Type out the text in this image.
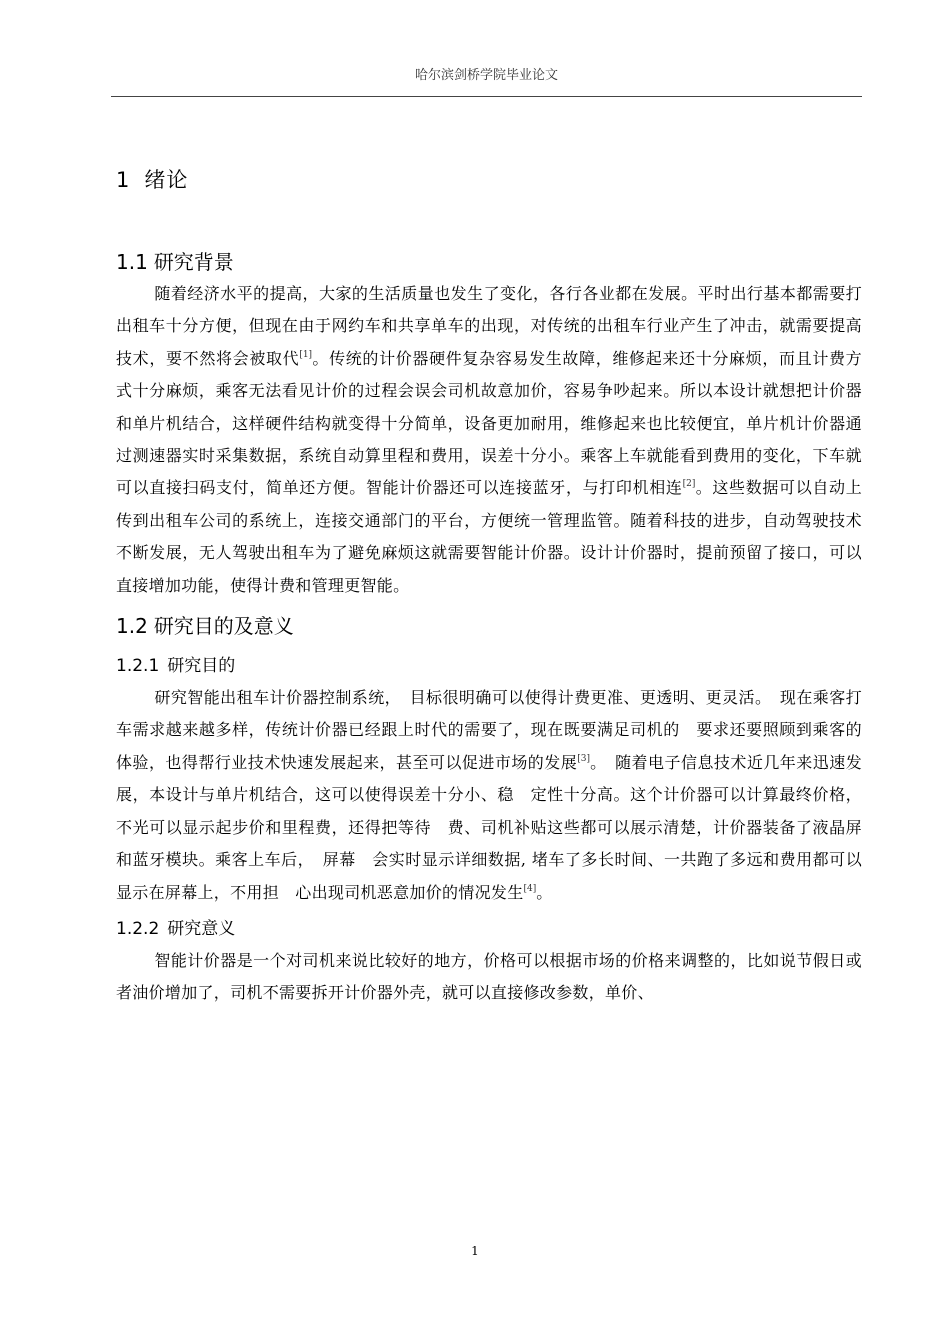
哈尔滨剑桥学院毕业论文
1 绪论
1.1 研究背景

随着经济水平的提高，大家的生活质量也发生了变化，各行各业都在发展。平时出行基本都需要打出租车十分方便，但现在由于网约车和共享单车的出现，对传统的出租车行业产生了冲击，就需要提高技术，要不然将会被取代[1]。传统的计价器硬件复杂容易发生故障，维修起来还十分麻烦，而且计费方式十分麻烦，乘客无法看见计价的过程会误会司机故意加价，容易争吵起来。所以本设计就想把计价器和单片机结合，这样硬件结构就变得十分简单，设备更加耐用，维修起来也比较便宜，单片机计价器通过测速器实时采集数据，系统自动算里程和费用，误差十分小。乘客上车就能看到费用的变化，下车就可以直接扫码支付，简单还方便。智能计价器还可以连接蓝牙，与打印机相连[2]。这些数据可以自动上传到出租车公司的系统上，连接交通部门的平台，方便统一管理监管。随着科技的进步，自动驾驶技术不断发展，无人驾驶出租车为了避免麻烦这就需要智能计价器。设计计价器时，提前预留了接口，可以直接增加功能，使得计费和管理更智能。

1.2 研究目的及意义
1.2.1 研究目的

研究智能出租车计价器控制系统，　目标很明确可以使得计费更准、更透明、更灵活。　现在乘客打车需求越来越多样，传统计价器已经跟上时代的需要了，现在既要满足司机的　要求还要照顾到乘客的体验，也得帮行业技术快速发展起来，甚至可以促进市场的发展[3]。　随着电子信息技术近几年来迅速发展，本设计与单片机结合，这可以使得误差十分小、稳　定性十分高。这个计价器可以计算最终价格，不光可以显示起步价和里程费，还得把等待　费、司机补贴这些都可以展示清楚，计价器装备了液晶屏和蓝牙模块。乘客上车后，　屏幕　会实时显示详细数据, 堵车了多长时间、一共跑了多远和费用都可以显示在屏幕上，不用担　心出现司机恶意加价的情况发生[4]。

1.2.2 研究意义

智能计价器是一个对司机来说比较好的地方，价格可以根据市场的价格来调整的，比如说节假日或者油价增加了，司机不需要拆开计价器外壳，就可以直接修改参数，单价、

1
